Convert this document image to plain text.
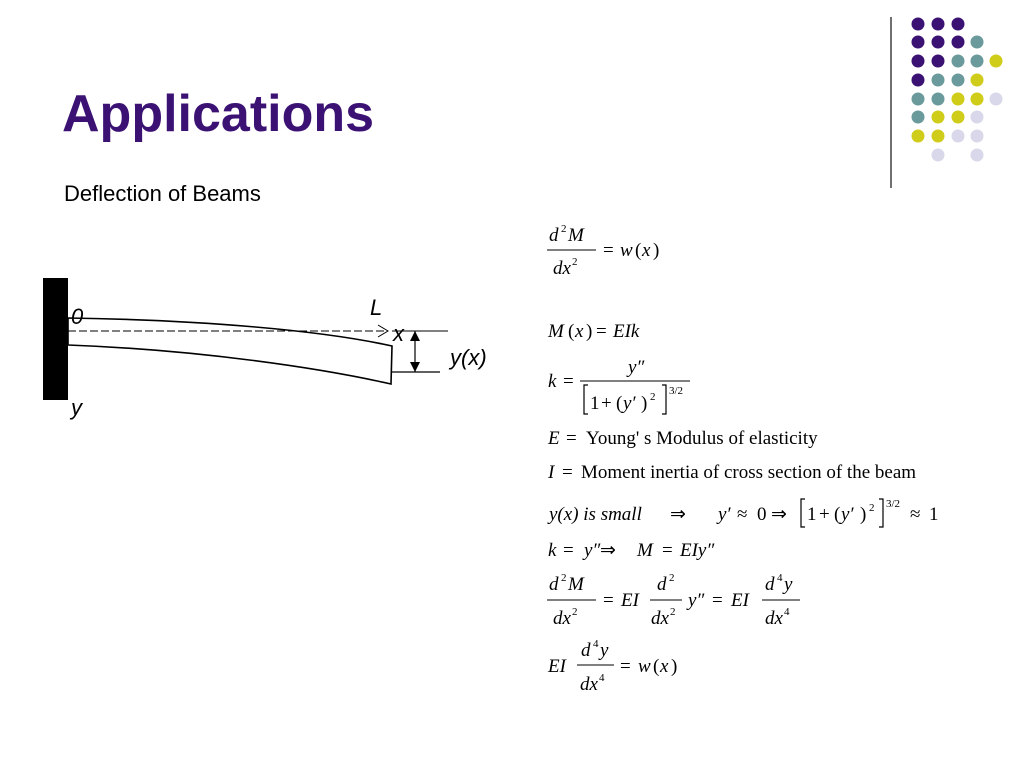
Applications
Deflection of Beams
0	L
x
y(x)
y
d 2 M
dx 2
= w ( x )
M ( x ) = EIk
k =
y″
1 + ( y′ ) 2 3/2
E = Young' s Modulus of elasticity
I = Moment inertia of cross section of the beam
y(x) is small ⇒ y′ ≈ 0 ⇒ 1 + ( y′ ) 2 3/2 ≈ 1
k = y″ ⇒ M = EIy″
d 2 M
dx 2
= EI
d 2
dx 2
y″ = EI
d 4 y
dx 4
EI
d 4 y
dx 4
= w ( x )
